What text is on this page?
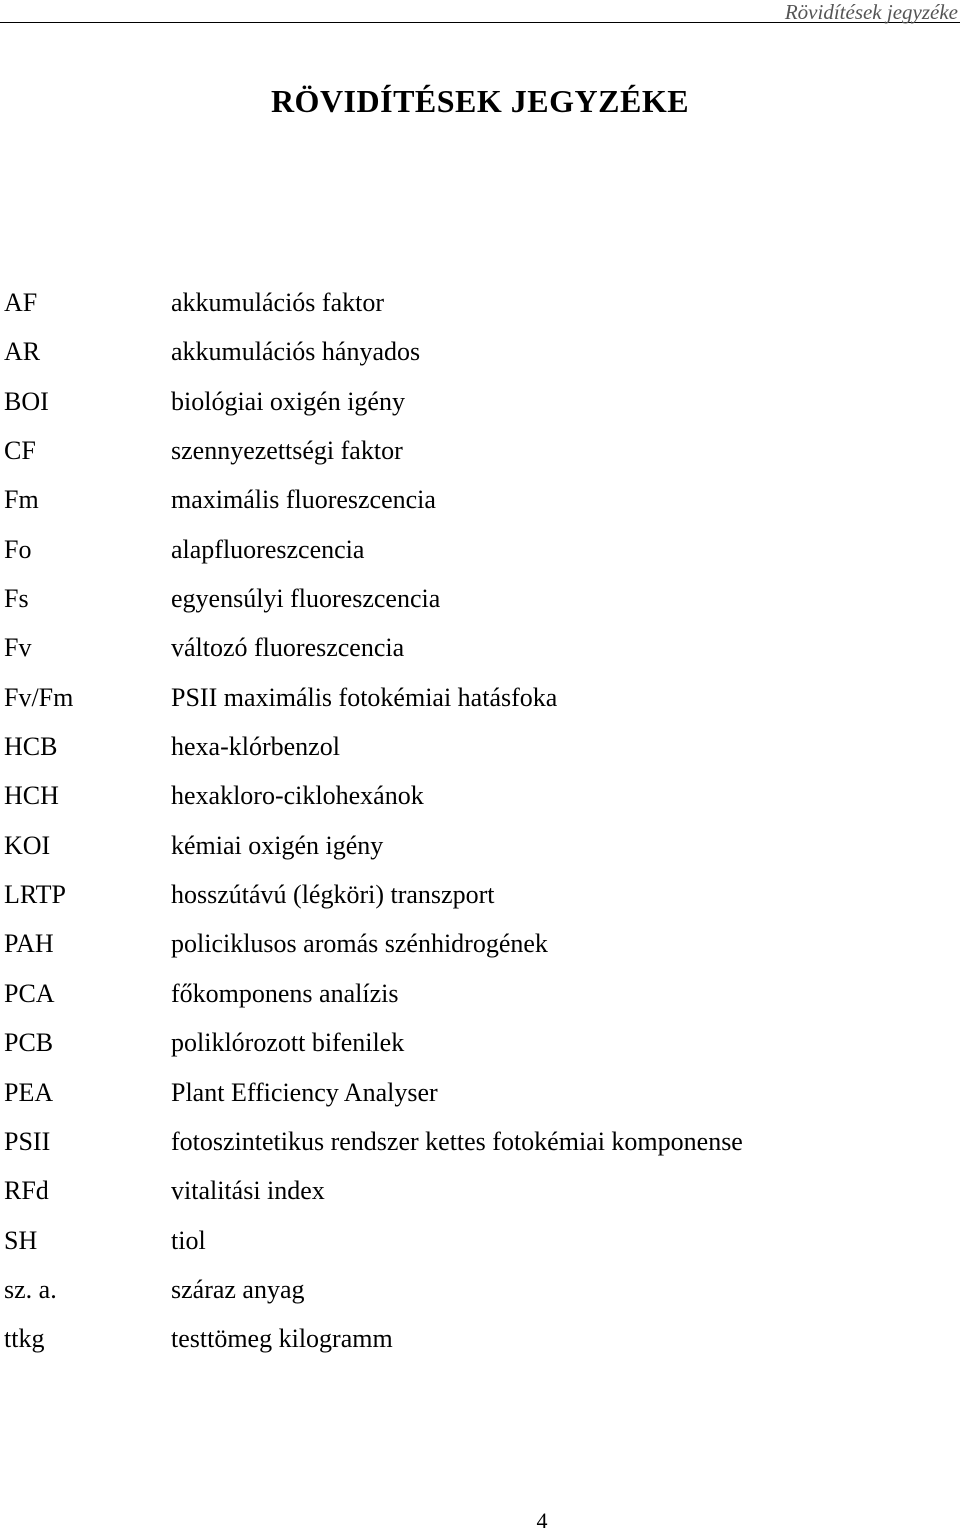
Rövidítések jegyzéke
RÖVIDÍTÉSEK JEGYZÉKE
AF	akkumulációs faktor
AR	akkumulációs hányados
BOI	biológiai oxigén igény
CF	szennyezettségi faktor
Fm	maximális fluoreszcencia
Fo	alapfluoreszcencia
Fs	egyensúlyi fluoreszcencia
Fv	változó fluoreszcencia
Fv/Fm	PSII maximális fotokémiai hatásfoka
HCB	hexa-klórbenzol
HCH	hexakloro-ciklohexánok
KOI	kémiai oxigén igény
LRTP	hosszútávú (légköri) transzport
PAH	policiklusos aromás szénhidrogének
PCA	főkomponens analízis
PCB	poliklórozott bifenilek
PEA	Plant Efficiency Analyser
PSII	fotoszintetikus rendszer kettes fotokémiai komponense
RFd	vitalitási index
SH	tiol
sz. a.	száraz anyag
ttkg	testtömeg kilogramm
4
